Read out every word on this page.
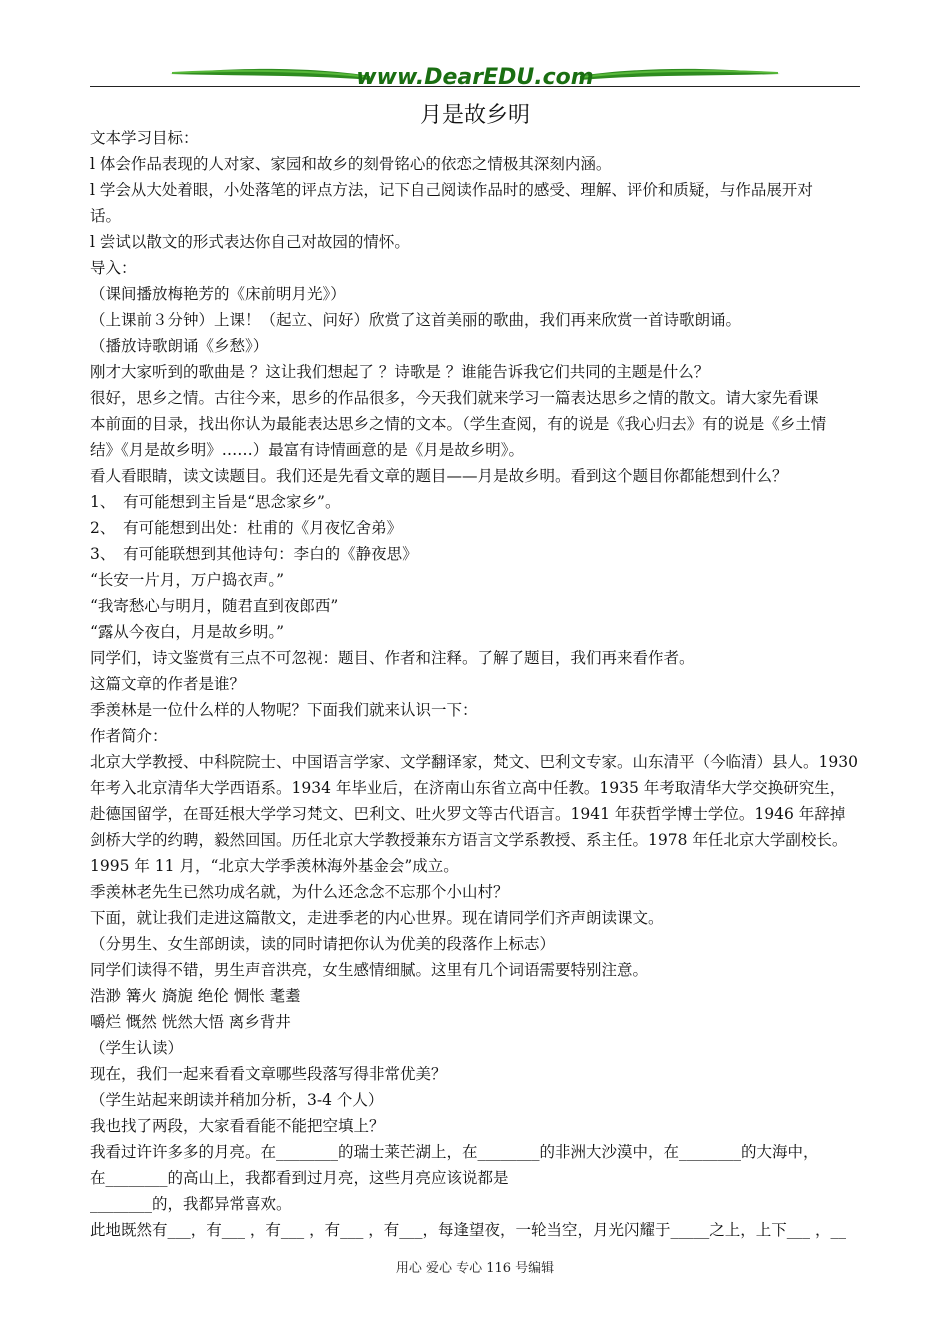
www.DearEDU.com
月是故乡明
文本学习目标：
l 体会作品表现的人对家、家园和故乡的刻骨铭心的依恋之情极其深刻内涵。
l 学会从大处着眼，小处落笔的评点方法，记下自己阅读作品时的感受、理解、评价和质疑，与作品展开对
话。
l 尝试以散文的形式表达你自己对故园的情怀。
导入：
（课间播放梅艳芳的《床前明月光》）
（上课前３分钟）上课！（起立、问好）欣赏了这首美丽的歌曲，我们再来欣赏一首诗歌朗诵。
（播放诗歌朗诵《乡愁》）
刚才大家听到的歌曲是 ？这让我们想起了 ？诗歌是 ？谁能告诉我它们共同的主题是什么？
很好，思乡之情。古往今来，思乡的作品很多，今天我们就来学习一篇表达思乡之情的散文。请大家先看课
本前面的目录，找出你认为最能表达思乡之情的文本。（学生查阅，有的说是《我心归去》有的说是《乡土情
结》《月是故乡明》……）最富有诗情画意的是《月是故乡明》。
看人看眼睛，读文读题目。我们还是先看文章的题目——月是故乡明。看到这个题目你都能想到什么？
1、　有可能想到主旨是“思念家乡”。
2、　有可能想到出处：杜甫的《月夜忆舍弟》
3、　有可能联想到其他诗句：李白的《静夜思》
“长安一片月，万户捣衣声。”
“我寄愁心与明月，随君直到夜郎西”
“露从今夜白，月是故乡明。”
同学们，诗文鉴赏有三点不可忽视：题目、作者和注释。了解了题目，我们再来看作者。
这篇文章的作者是谁？
季羡林是一位什么样的人物呢？下面我们就来认识一下：
作者简介：
北京大学教授、中科院院士、中国语言学家、文学翻译家，梵文、巴利文专家。山东清平（今临清）县人。1930
年考入北京清华大学西语系。1934 年毕业后，在济南山东省立高中任教。1935 年考取清华大学交换研究生，
赴德国留学，在哥廷根大学学习梵文、巴利文、吐火罗文等古代语言。1941 年获哲学博士学位。1946 年辞掉
剑桥大学的约聘，毅然回国。历任北京大学教授兼东方语言文学系教授、系主任。1978 年任北京大学副校长。
1995 年 11 月，“北京大学季羡林海外基金会”成立。
季羡林老先生已然功成名就，为什么还念念不忘那个小山村？
下面，就让我们走进这篇散文，走进季老的内心世界。现在请同学们齐声朗读课文。
（分男生、女生部朗读，读的同时请把你认为优美的段落作上标志）
同学们读得不错，男生声音洪亮，女生感情细腻。这里有几个词语需要特别注意。
浩渺 篝火 旖旎 绝伦 惆怅 耄耋
嚼烂 慨然 恍然大悟 离乡背井
（学生认读）
现在，我们一起来看看文章哪些段落写得非常优美？
（学生站起来朗读并稍加分析，3-4 个人）
我也找了两段，大家看看能不能把空填上？
我看过许许多多的月亮。在________的瑞士莱芒湖上，在________的非洲大沙漠中，在________的大海中，
在________的高山上，我都看到过月亮，这些月亮应该说都是
________的，我都异常喜欢。
此地既然有___，有___ ，有___ ，有___ ，有___，每逢望夜，一轮当空，月光闪耀于_____之上，上下___ ，__
用心 爱心 专心 116 号编辑
